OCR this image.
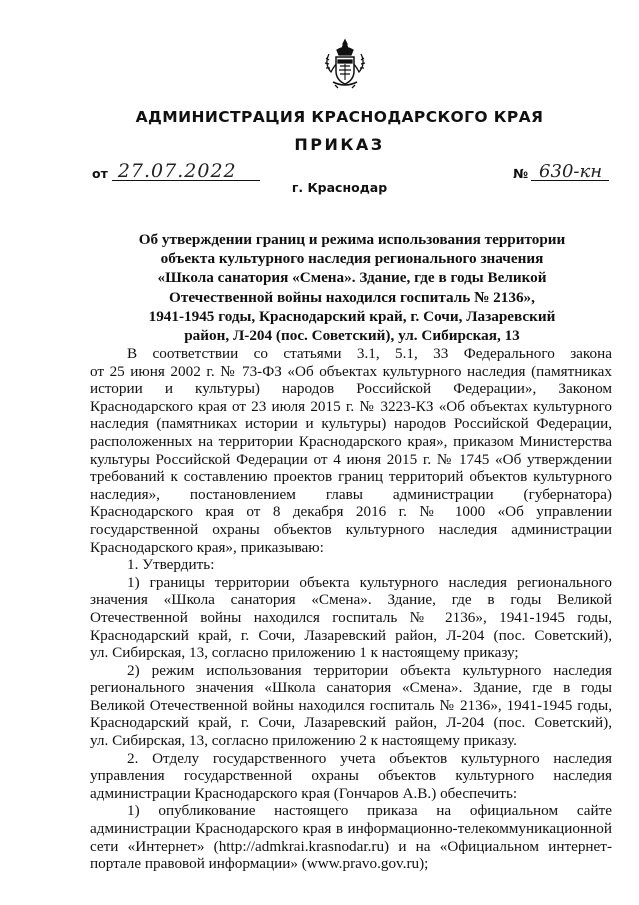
АДМИНИСТРАЦИЯ КРАСНОДАРСКОГО КРАЯ
ПРИКАЗ
от 27.07.2022	№ 630-кн
г. Краснодар
Об утверждении границ и режима использования территории
объекта культурного наследия регионального значения
«Школа санатория «Смена». Здание, где в годы Великой
Отечественной войны находился госпиталь № 2136»,
1941-1945 годы, Краснодарский край, г. Сочи, Лазаревский
район, Л-204 (пос. Советский), ул. Сибирская, 13
В соответствии со статьями 3.1, 5.1, 33 Федерального закона
от 25 июня 2002 г. № 73-ФЗ «Об объектах культурного наследия (памятниках
истории и культуры) народов Российской Федерации», Законом
Краснодарского края от 23 июля 2015 г. № 3223-КЗ «Об объектах культурного
наследия (памятниках истории и культуры) народов Российской Федерации,
расположенных на территории Краснодарского края», приказом Министерства
культуры Российской Федерации от 4 июня 2015 г. № 1745 «Об утверждении
требований к составлению проектов границ территорий объектов культурного
наследия», постановлением главы администрации (губернатора)
Краснодарского края от 8 декабря 2016 г. № 1000 «Об управлении
государственной охраны объектов культурного наследия администрации
Краснодарского края», приказываю:
1. Утвердить:
1) границы территории объекта культурного наследия регионального
значения «Школа санатория «Смена». Здание, где в годы Великой
Отечественной войны находился госпиталь № 2136», 1941-1945 годы,
Краснодарский край, г. Сочи, Лазаревский район, Л-204 (пос. Советский),
ул. Сибирская, 13, согласно приложению 1 к настоящему приказу;
2) режим использования территории объекта культурного наследия
регионального значения «Школа санатория «Смена». Здание, где в годы
Великой Отечественной войны находился госпиталь № 2136», 1941-1945 годы,
Краснодарский край, г. Сочи, Лазаревский район, Л-204 (пос. Советский),
ул. Сибирская, 13, согласно приложению 2 к настоящему приказу.
2. Отделу государственного учета объектов культурного наследия
управления государственной охраны объектов культурного наследия
администрации Краснодарского края (Гончаров А.В.) обеспечить:
1) опубликование настоящего приказа на официальном сайте
администрации Краснодарского края в информационно-телекоммуникационной
сети «Интернет» (http://admkrai.krasnodar.ru) и на «Официальном интернет-
портале правовой информации» (www.pravo.gov.ru);
